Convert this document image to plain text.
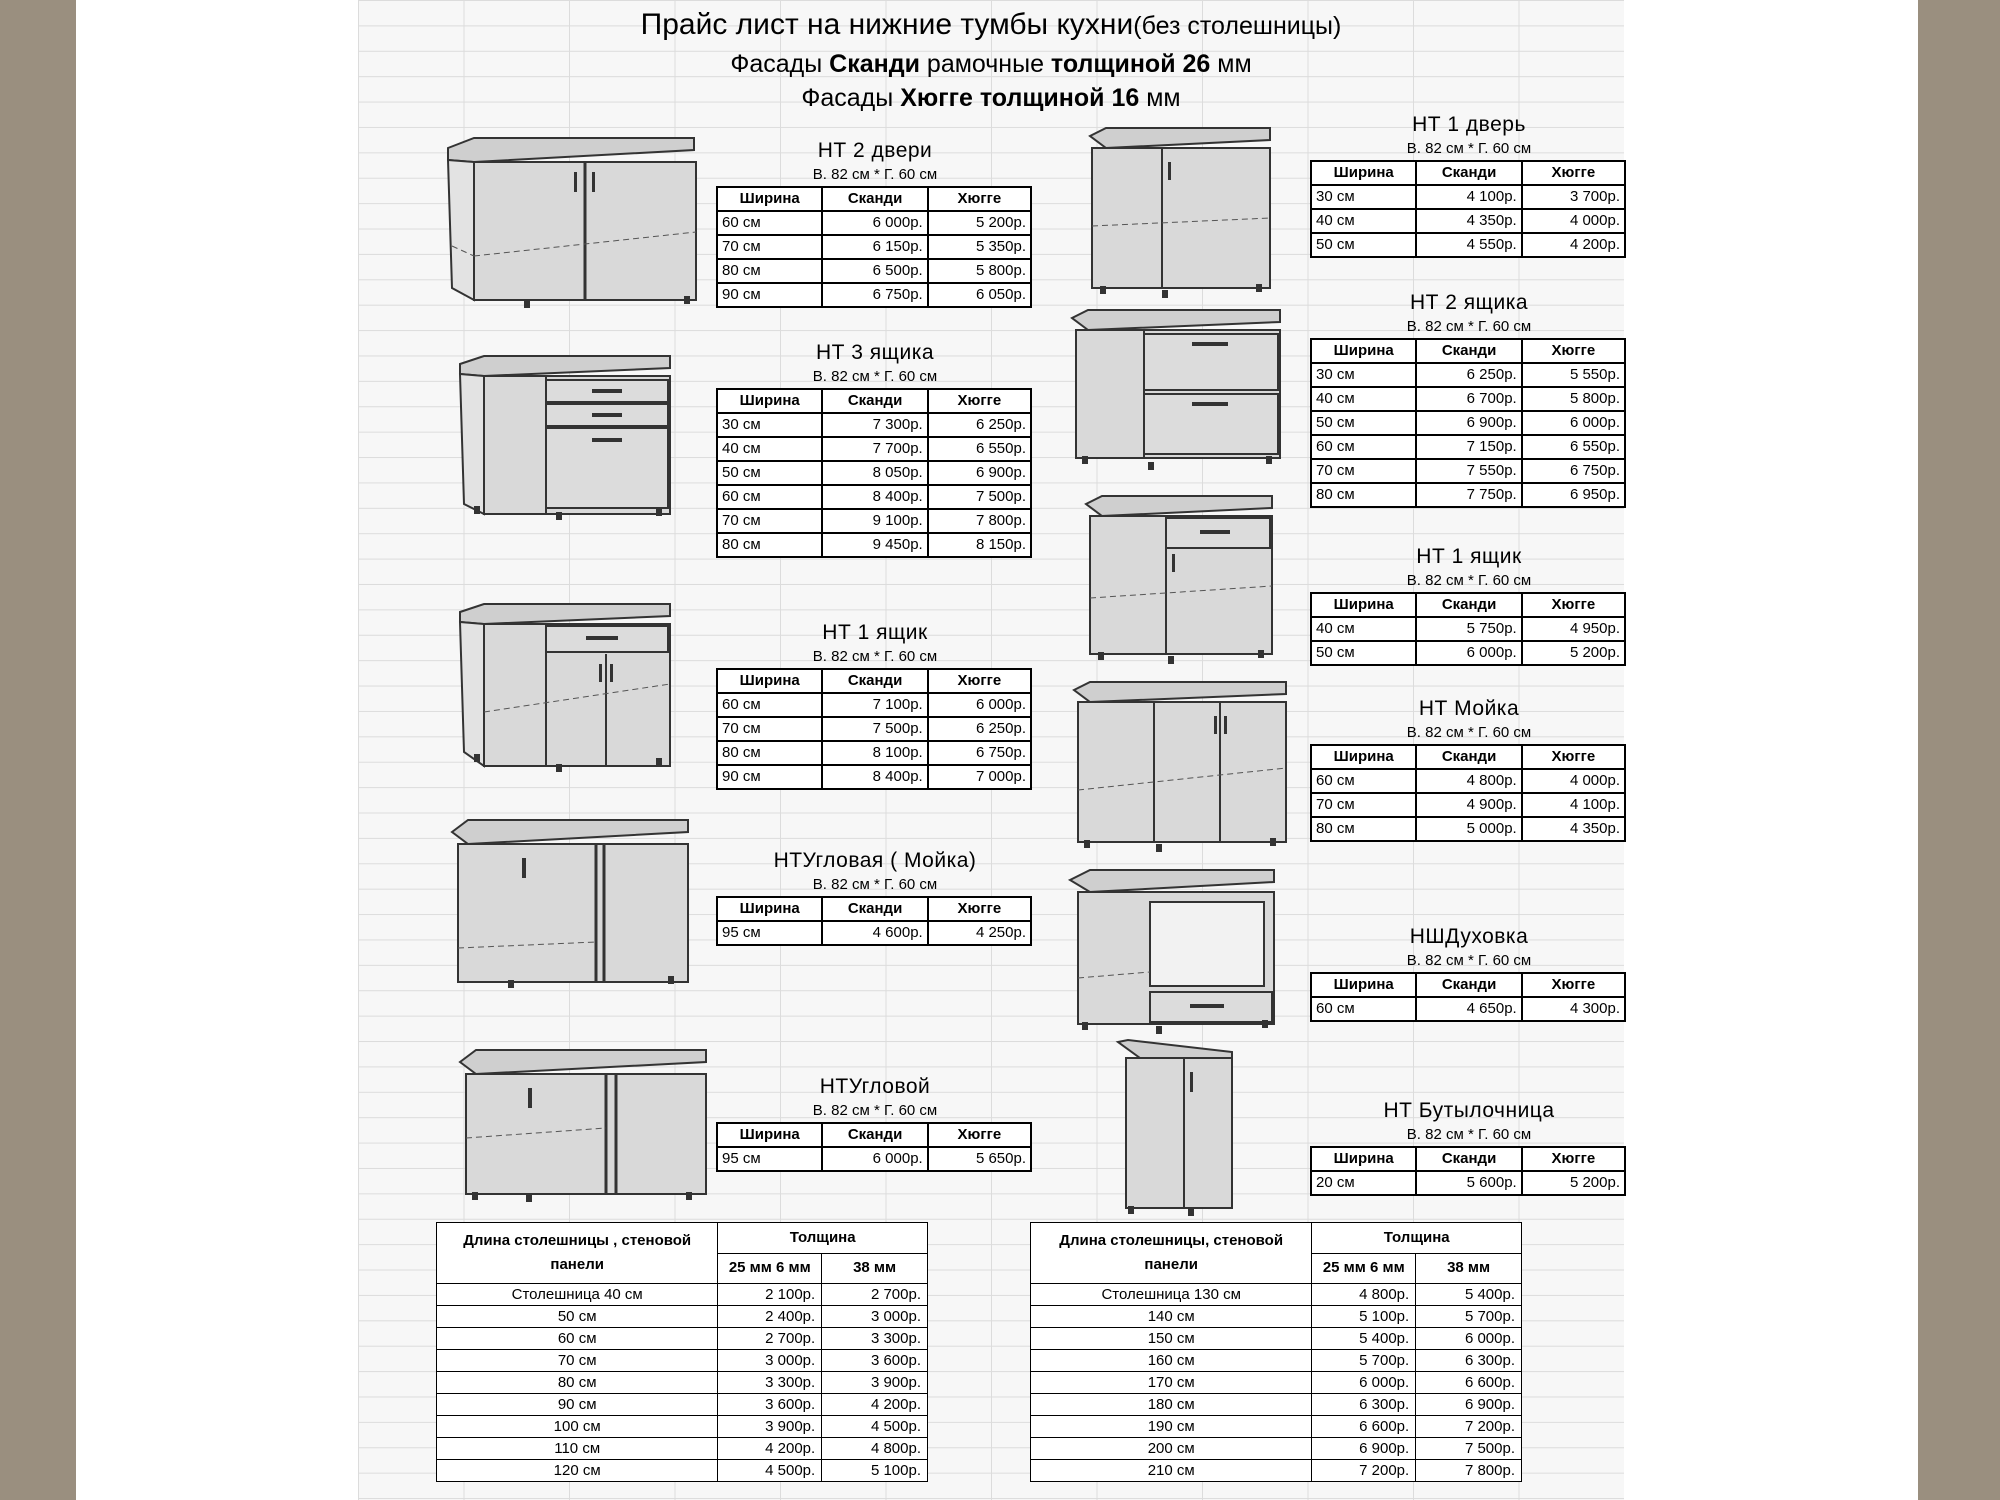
Прайс лист на нижние тумбы кухни(без столешницы)
Фасады Сканди рамочные толщиной 26 мм
Фасады Хюгге толщиной 16 мм
НТ 2 двери
В. 82 см * Г. 60 см
Ширина	Сканди	Хюгге
60 см	6 000р.	5 200р.
70 см	6 150р.	5 350р.
80 см	6 500р.	5 800р.
90 см	6 750р.	6 050р.
НТ 3 ящика
В. 82 см * Г. 60 см
Ширина	Сканди	Хюгге
30 см	7 300р.	6 250р.
40 см	7 700р.	6 550р.
50 см	8 050р.	6 900р.
60 см	8 400р.	7 500р.
70 см	9 100р.	7 800р.
80 см	9 450р.	8 150р.
НТ 1 ящик
В. 82 см * Г. 60 см
Ширина	Сканди	Хюгге
60 см	7 100р.	6 000р.
70 см	7 500р.	6 250р.
80 см	8 100р.	6 750р.
90 см	8 400р.	7 000р.
НТУгловая ( Мойка)
В. 82 см * Г. 60 см
Ширина	Сканди	Хюгге
95 см	4 600р.	4 250р.
НТУгловой
В. 82 см * Г. 60 см
Ширина	Сканди	Хюгге
95 см	6 000р.	5 650р.
НТ 1 дверь
В. 82 см * Г. 60 см
Ширина	Сканди	Хюгге
30 см	4 100р.	3 700р.
40 см	4 350р.	4 000р.
50 см	4 550р.	4 200р.
НТ 2 ящика
В. 82 см * Г. 60 см
Ширина	Сканди	Хюгге
30 см	6 250р.	5 550р.
40 см	6 700р.	5 800р.
50 см	6 900р.	6 000р.
60 см	7 150р.	6 550р.
70 см	7 550р.	6 750р.
80 см	7 750р.	6 950р.
НТ 1 ящик
В. 82 см * Г. 60 см
Ширина	Сканди	Хюгге
40 см	5 750р.	4 950р.
50 см	6 000р.	5 200р.
НТ Мойка
В. 82 см * Г. 60 см
Ширина	Сканди	Хюгге
60 см	4 800р.	4 000р.
70 см	4 900р.	4 100р.
80 см	5 000р.	4 350р.
НШДуховка
В. 82 см * Г. 60 см
Ширина	Сканди	Хюгге
60 см	4 650р.	4 300р.
НТ Бутылочница
В. 82 см * Г. 60 см
Ширина	Сканди	Хюгге
20 см	5 600р.	5 200р.
Длина столешницы , стеновой панели	Толщина	
	25 мм 6 мм	38 мм
Столешница 40 см	2 100р.	2 700р.
50 см	2 400р.	3 000р.
60 см	2 700р.	3 300р.
70 см	3 000р.	3 600р.
80 см	3 300р.	3 900р.
90 см	3 600р.	4 200р.
100 см	3 900р.	4 500р.
110 см	4 200р.	4 800р.
120 см	4 500р.	5 100р.
Длина столешницы, стеновой панели	Толщина	
	25 мм 6 мм	38 мм
Столешница 130 см	4 800р.	5 400р.
140 см	5 100р.	5 700р.
150 см	5 400р.	6 000р.
160 см	5 700р.	6 300р.
170 см	6 000р.	6 600р.
180 см	6 300р.	6 900р.
190 см	6 600р.	7 200р.
200 см	6 900р.	7 500р.
210 см	7 200р.	7 800р.
